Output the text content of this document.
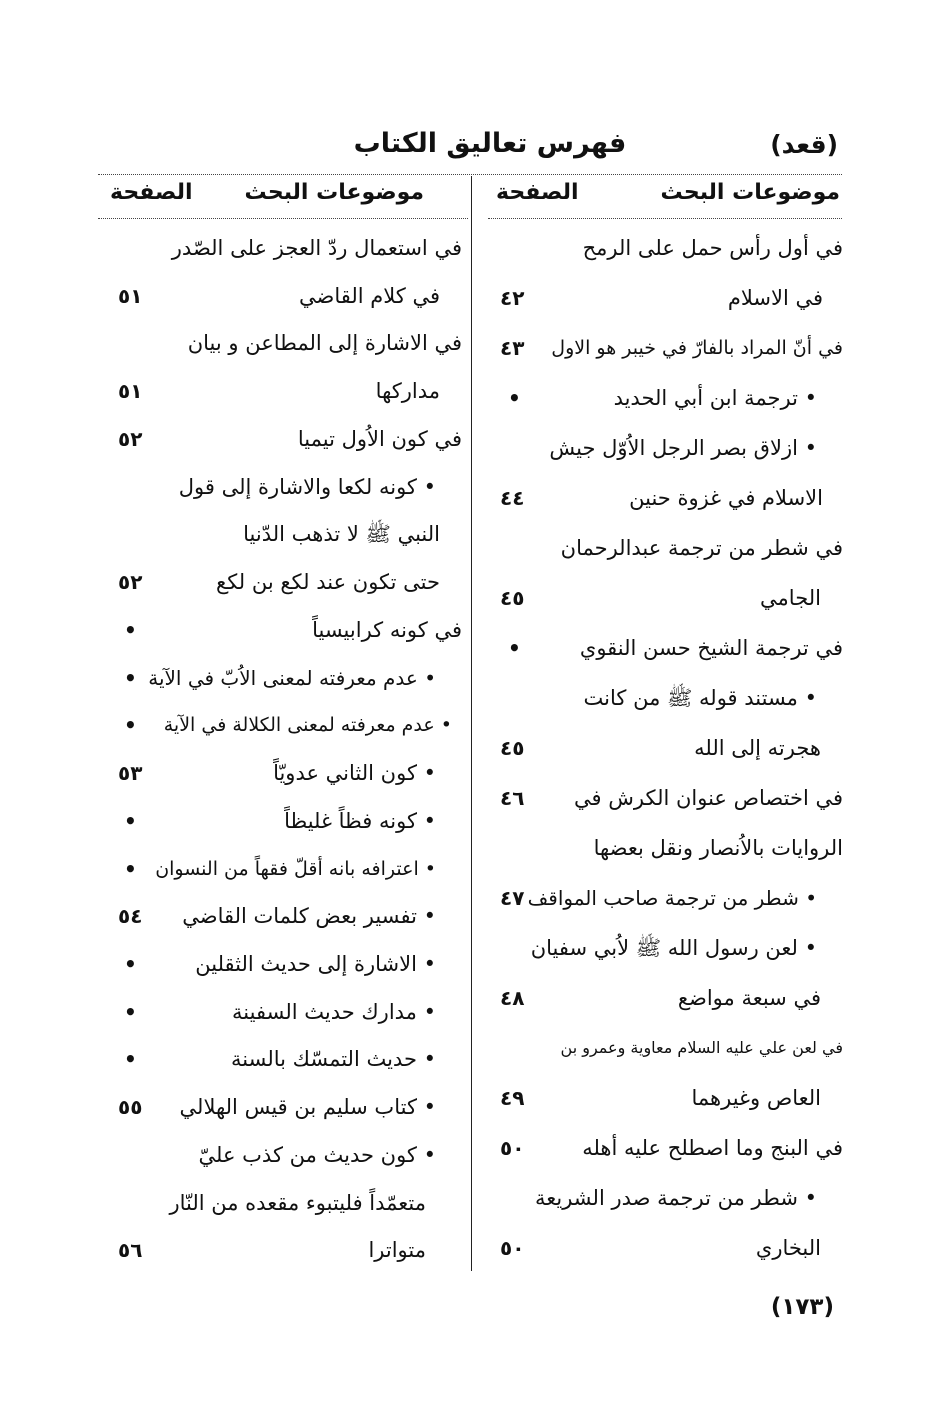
(قعد)
فهرس تعاليق الكتاب
موضوعات البحث
الصفحة
موضوعات البحث
الصفحة
في أول رأس حمل على الرمح
في الاسلام
٤٢
في أنّ المراد بالفارّ في خيبر هو الاول
٤٣
• ترجمة ابن أبي الحديد
•
• ازلاق بصر الرجل الاُوّل جيش
الاسلام في غزوة حنين
٤٤
في شطر من ترجمة عبدالرحمان
الجامي
٤٥
في ترجمة الشيخ حسن النقوي
•
• مستند قوله ﷺ من كانت
هجرته إلى الله
٤٥
في اختصاص عنوان الكرش في
٤٦
الروايات بالاُنصار ونقل بعضها
• شطر من ترجمة صاحب المواقف
٤٧
• لعن رسول الله ﷺ لاُبي سفيان
في سبعة مواضع
٤٨
في لعن علي عليه السلام معاوية وعمرو بن
العاص وغيرهما
٤٩
في البنج وما اصطلح عليه أهله
٥٠
• شطر من ترجمة صدر الشريعة
البخاري
٥٠
في استعمال ردّ العجز على الصّدر
في كلام القاضي
٥١
في الاشارة إلى المطاعن و بيان
مداركها
٥١
في كون الاُول تيميا
٥٢
• كونه لكعا والاشارة إلى قول
النبي ﷺ لا تذهب الدّنيا
حتى تكون عند لكع بن لكع
٥٢
في كونه كرابيسياً
•
• عدم معرفته لمعنى الاُبّ في الآية
•
• عدم معرفته لمعنى الكلالة في الآية
•
• كون الثاني عدويّاً
٥٣
• كونه فظاً غليظاً
•
• اعترافه بانه أقلّ فقهاً من النسوان
•
• تفسير بعض كلمات القاضي
٥٤
• الاشارة إلى حديث الثقلين
•
• مدارك حديث السفينة
•
• حديث التمسّك بالسنة
•
• كتاب سليم بن قيس الهلالي
٥٥
• كون حديث من كذب عليّ
متعمّداً فليتبوء مقعده من النّار
متواترا
٥٦
(١٧٣)
